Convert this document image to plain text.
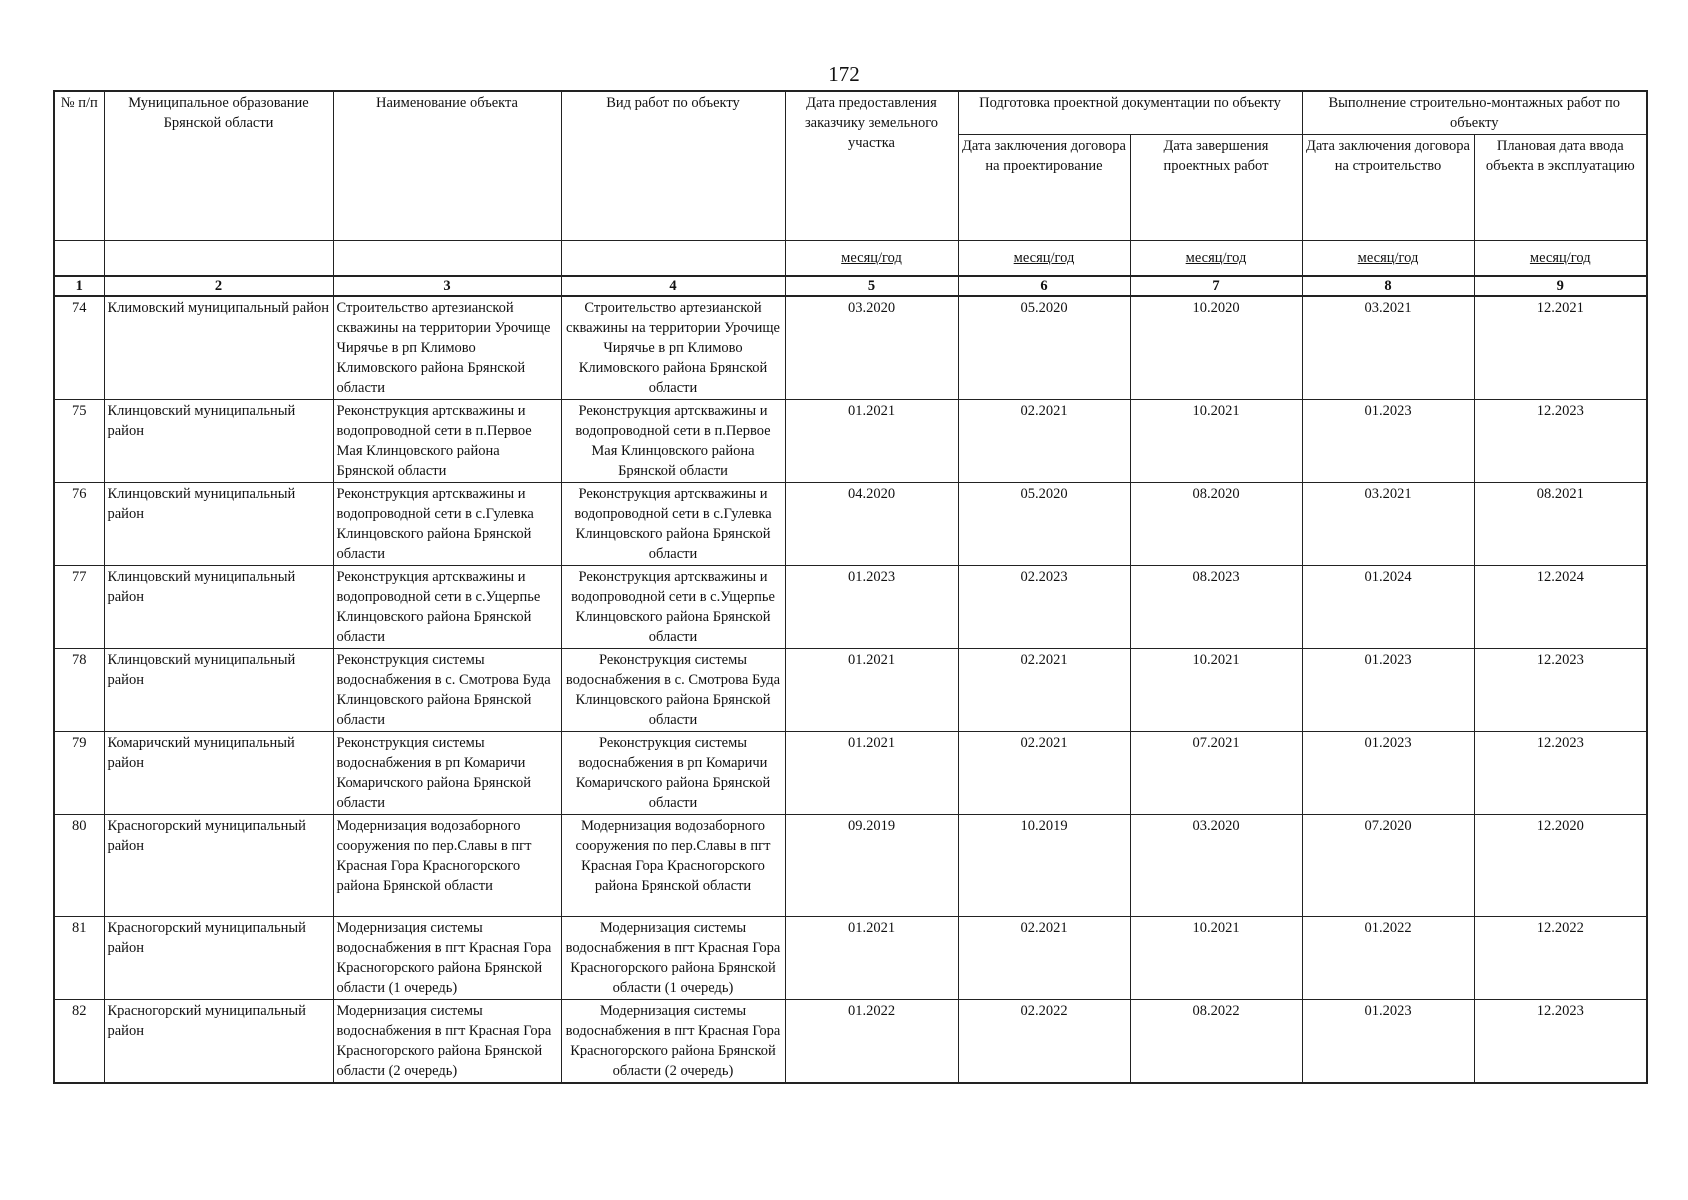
172
№ п/п	Муниципальное образование Брянской области	Наименование объекта	Вид работ по объекту	Дата предоставления заказчику земельного участка	Подготовка проектной документации по объекту		Выполнение строительно-монтажных работ по объекту	
					Дата заключения договора на проектирование	Дата завершения проектных работ	Дата заключения договора на строительство	Плановая дата ввода объекта в эксплуатацию
				месяц/год	месяц/год	месяц/год	месяц/год	месяц/год
1	2	3	4	5	6	7	8	9
74	Климовский муниципальный район	Строительство артезианской скважины на территории Урочище Чирячье в рп Климово Климовского района Брянской области	Строительство артезианской скважины на территории Урочище Чирячье в рп Климово Климовского района Брянской области	03.2020	05.2020	10.2020	03.2021	12.2021
75	Клинцовский муниципальный район	Реконструкция артскважины и водопроводной сети в п.Первое Мая Клинцовского района Брянской области	Реконструкция артскважины и водопроводной сети в п.Первое Мая Клинцовского района Брянской области	01.2021	02.2021	10.2021	01.2023	12.2023
76	Клинцовский муниципальный район	Реконструкция артскважины и водопроводной сети в с.Гулевка Клинцовского района Брянской области	Реконструкция артскважины и водопроводной сети в с.Гулевка Клинцовского района Брянской области	04.2020	05.2020	08.2020	03.2021	08.2021
77	Клинцовский муниципальный район	Реконструкция артскважины и водопроводной сети в с.Ущерпье Клинцовского района Брянской области	Реконструкция артскважины и водопроводной сети в с.Ущерпье Клинцовского района Брянской области	01.2023	02.2023	08.2023	01.2024	12.2024
78	Клинцовский муниципальный район	Реконструкция системы водоснабжения в с. Смотрова Буда Клинцовского района Брянской области	Реконструкция системы водоснабжения в с. Смотрова Буда Клинцовского района Брянской области	01.2021	02.2021	10.2021	01.2023	12.2023
79	Комаричский муниципальный район	Реконструкция системы водоснабжения в рп Комаричи Комаричского района Брянской области	Реконструкция системы водоснабжения в рп Комаричи Комаричского района Брянской области	01.2021	02.2021	07.2021	01.2023	12.2023
80	Красногорский муниципальный район	Модернизация водозаборного сооружения по пер.Славы в пгт Красная Гора Красногорского района Брянской области	Модернизация водозаборного сооружения по пер.Славы в пгт Красная Гора Красногорского района Брянской области	09.2019	10.2019	03.2020	07.2020	12.2020
81	Красногорский муниципальный район	Модернизация системы водоснабжения в пгт Красная Гора Красногорского района Брянской области (1 очередь)	Модернизация системы водоснабжения в пгт Красная Гора Красногорского района Брянской области (1 очередь)	01.2021	02.2021	10.2021	01.2022	12.2022
82	Красногорский муниципальный район	Модернизация системы водоснабжения в пгт Красная Гора Красногорского района Брянской области (2 очередь)	Модернизация системы водоснабжения в пгт Красная Гора Красногорского района Брянской области (2 очередь)	01.2022	02.2022	08.2022	01.2023	12.2023
